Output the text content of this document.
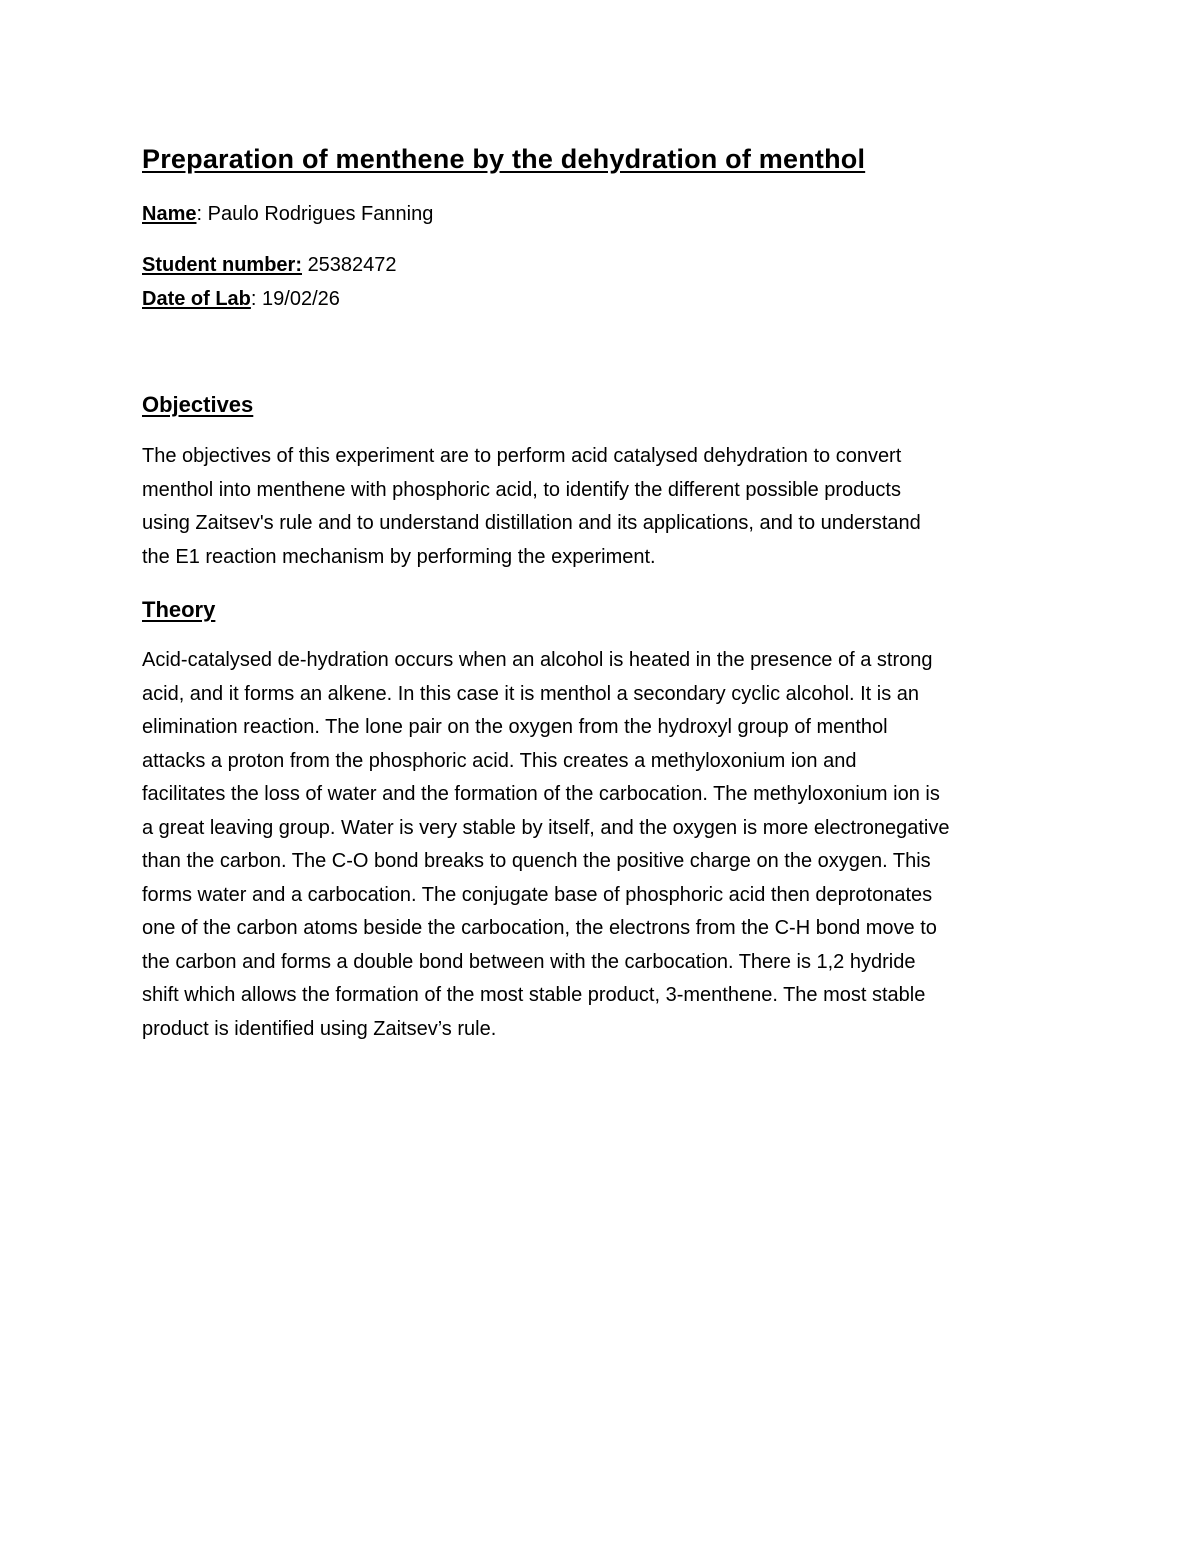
Preparation of menthene by the dehydration of menthol

Name: Paulo Rodrigues Fanning

Student number: 25382472

Date of Lab: 19/02/26

Objectives

The objectives of this experiment are to perform acid catalysed dehydration to convert
menthol into menthene with phosphoric acid, to identify the different possible products
using Zaitsev's rule and to understand distillation and its applications, and to understand
the E1 reaction mechanism by performing the experiment.

Theory

Acid-catalysed de-hydration occurs when an alcohol is heated in the presence of a strong
acid, and it forms an alkene. In this case it is menthol a secondary cyclic alcohol. It is an
elimination reaction. The lone pair on the oxygen from the hydroxyl group of menthol
attacks a proton from the phosphoric acid. This creates a methyloxonium ion and
facilitates the loss of water and the formation of the carbocation. The methyloxonium ion is
a great leaving group. Water is very stable by itself, and the oxygen is more electronegative
than the carbon. The C-O bond breaks to quench the positive charge on the oxygen. This
forms water and a carbocation. The conjugate base of phosphoric acid then deprotonates
one of the carbon atoms beside the carbocation, the electrons from the C-H bond move to
the carbon and forms a double bond between with the carbocation. There is 1,2 hydride
shift which allows the formation of the most stable product, 3-menthene. The most stable
product is identified using Zaitsev’s rule.
